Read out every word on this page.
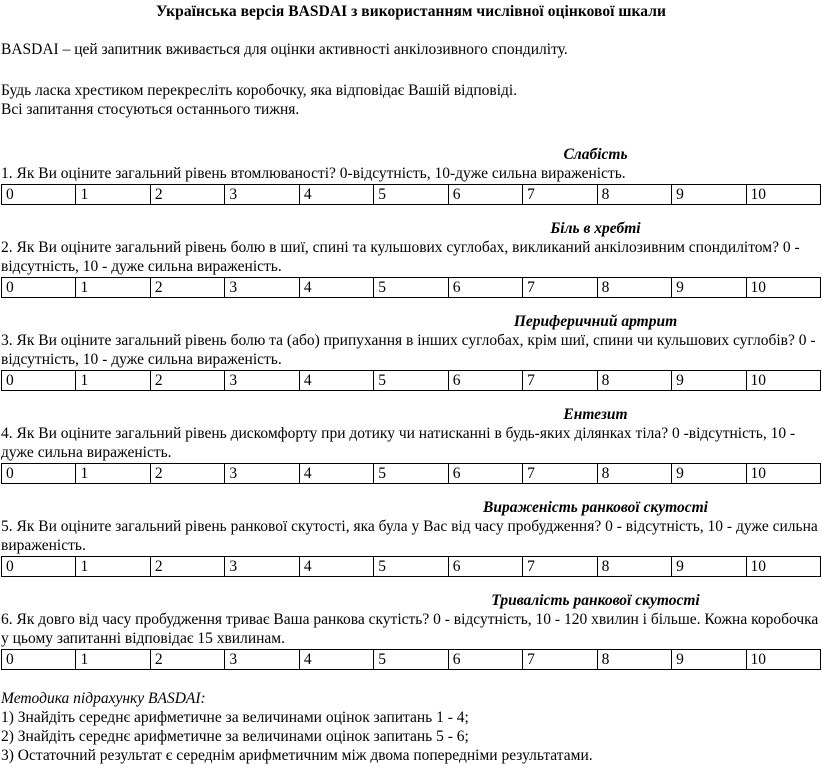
Українська версія BASDAI з використанням числівної оцінкової шкали

BASDAI – цей запитник вживається для оцінки активності анкілозивного спондиліту.

Будь ласка хрестиком перекресліть коробочку, яка відповідає Вашій відповіді.

Всі запитання стосуються останнього тижня.

Слабість

1. Як Ви оціните загальний рівень втомлюваності? 0-відсутність, 10-дуже сильна вираженість.

0	1	2	3	4	5	6	7	8	9	10

Біль в хребті

2. Як Ви оціните загальний рівень болю в шиї, спині та кульшових суглобах, викликаний анкілозивним спондилітом? 0 - відсутність, 10 - дуже сильна вираженість.

0	1	2	3	4	5	6	7	8	9	10

Периферичний артрит

3. Як Ви оціните загальний рівень болю та (або) припухання в інших суглобах, крім шиї, спини чи кульшових суглобів? 0 - відсутність, 10 - дуже сильна вираженість.

0	1	2	3	4	5	6	7	8	9	10

Ентезит

4. Як Ви оціните загальний рівень дискомфорту при дотику чи натисканні в будь-яких ділянках тіла? 0 -відсутність, 10 - дуже сильна вираженість.

0	1	2	3	4	5	6	7	8	9	10

Вираженість ранкової скутості

5. Як Ви оціните загальний рівень ранкової скутості, яка була у Вас від часу пробудження? 0 - відсутність, 10 - дуже сильна вираженість.

0	1	2	3	4	5	6	7	8	9	10

Тривалість ранкової скутості

6. Як довго від часу пробудження триває Ваша ранкова скутість? 0 - відсутність, 10 - 120 хвилин і більше. Кожна коробочка у цьому запитанні відповідає 15 хвилинам.

0	1	2	3	4	5	6	7	8	9	10

Методика підрахунку BASDAI:

1) Знайдіть середнє арифметичне за величинами оцінок запитань 1 - 4;

2) Знайдіть середнє арифметичне за величинами оцінок запитань 5 - 6;

3) Остаточний результат є середнім арифметичним між двома попередніми результатами.
